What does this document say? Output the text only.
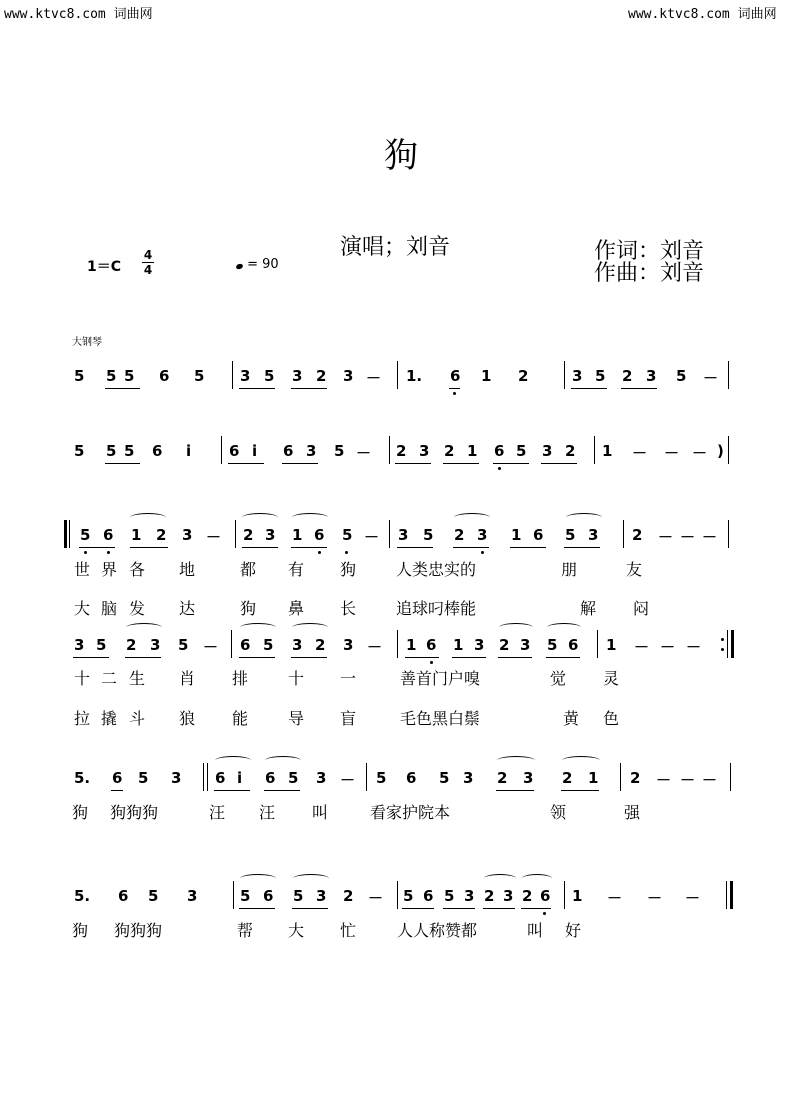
www.ktvc8.com 词曲网	www.ktvc8.com 词曲网
狗
演唱；刘音	作词：刘音
作曲：刘音
1＝C
4
4	= 90
大钢琴
5 5 5 6 5 3 5 3 2 3 － 1. 6 1 2	3 5 2 3 5 －
5 5 5 6 i	6 i 6 3 5 － 2 3 2 1 6 5 3 2 1 － － － )
5 6 1 2 3 － 2 3 1 6 5 － 3 5 2 3 1 6 5 3 2 － － －
世 界 各 地	都 有 狗 人类忠实的	朋	友
大 脑 发 达	狗 鼻 长 追球叼棒能	解 闷
3 5 2 3 5 － 6 5 3 2 3 － 1 6 1 3 2 3 5 6 1 － － －
十 二 生 肖 排 十 一	善首门户嗅	觉 灵
拉 撬 斗 狼 能 导 盲	毛色黑白鬃	黄 色
5. 6 5 3 6 i 6 5 3 － 5 6 5 3 2 3 2 1 2 － － －
狗 狗狗狗	汪 汪 叫	看家护院本	领	强
5. 6 5 3	5 6 5 3 2 － 5 6 5 3 2 3 2 6 1 － － －
狗 狗狗狗	帮 大 忙	人人称赞都	叫 好
